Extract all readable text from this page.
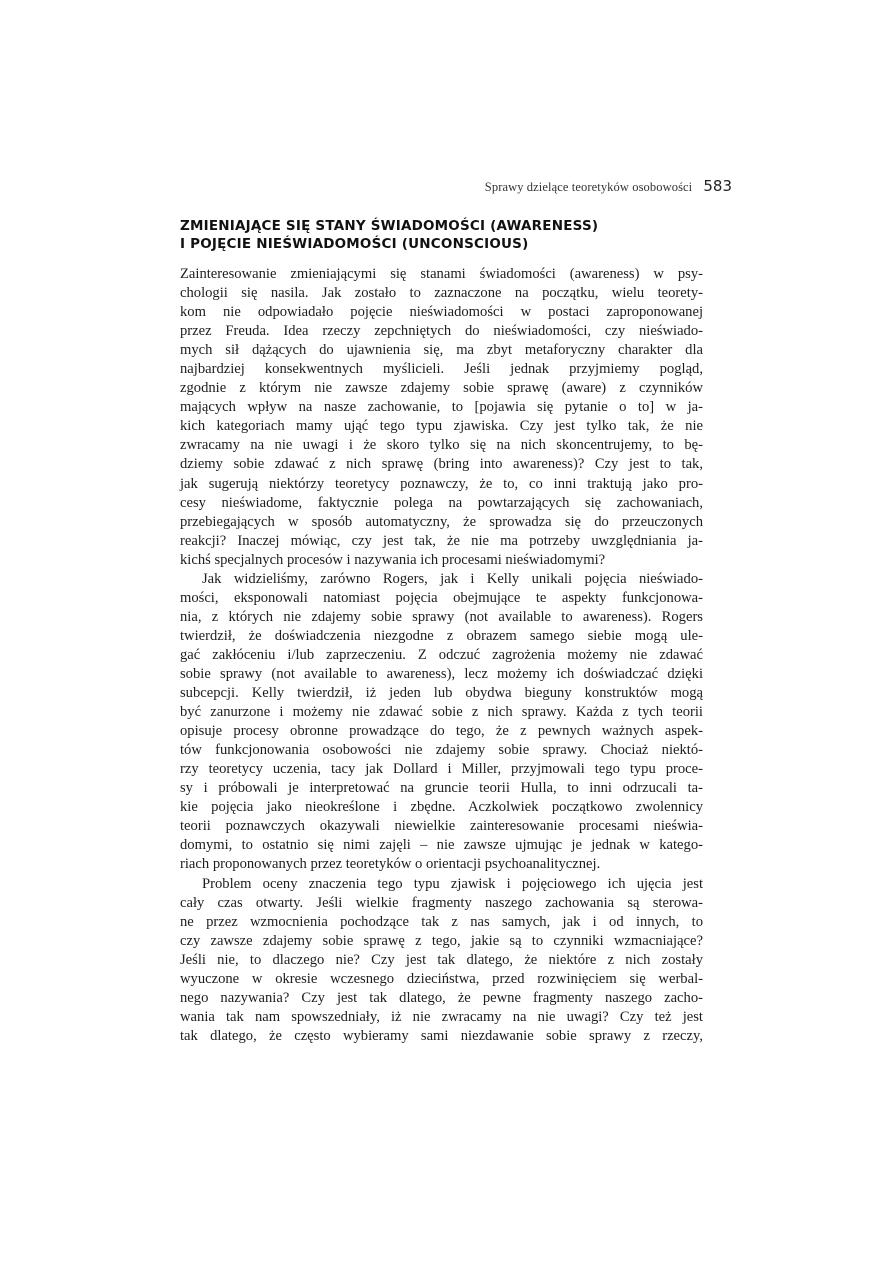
Sprawy dzielące teoretyków osobowości 583
ZMIENIAJĄCE SIĘ STANY ŚWIADOMOŚCI (AWARENESS)
I POJĘCIE NIEŚWIADOMOŚCI (UNCONSCIOUS)
Zainteresowanie zmieniającymi się stanami świadomości (awareness) w psy-
chologii się nasila. Jak zostało to zaznaczone na początku, wielu teorety-
kom nie odpowiadało pojęcie nieświadomości w postaci zaproponowanej
przez Freuda. Idea rzeczy zepchniętych do nieświadomości, czy nieświado-
mych sił dążących do ujawnienia się, ma zbyt metaforyczny charakter dla
najbardziej konsekwentnych myślicieli. Jeśli jednak przyjmiemy pogląd,
zgodnie z którym nie zawsze zdajemy sobie sprawę (aware) z czynników
mających wpływ na nasze zachowanie, to [pojawia się pytanie o to] w ja-
kich kategoriach mamy ująć tego typu zjawiska. Czy jest tylko tak, że nie
zwracamy na nie uwagi i że skoro tylko się na nich skoncentrujemy, to bę-
dziemy sobie zdawać z nich sprawę (bring into awareness)? Czy jest to tak,
jak sugerują niektórzy teoretycy poznawczy, że to, co inni traktują jako pro-
cesy nieświadome, faktycznie polega na powtarzających się zachowaniach,
przebiegających w sposób automatyczny, że sprowadza się do przeuczonych
reakcji? Inaczej mówiąc, czy jest tak, że nie ma potrzeby uwzględniania ja-
kichś specjalnych procesów i nazywania ich procesami nieświadomymi?
Jak widzieliśmy, zarówno Rogers, jak i Kelly unikali pojęcia nieświado-
mości, eksponowali natomiast pojęcia obejmujące te aspekty funkcjonowa-
nia, z których nie zdajemy sobie sprawy (not available to awareness). Rogers
twierdził, że doświadczenia niezgodne z obrazem samego siebie mogą ule-
gać zakłóceniu i/lub zaprzeczeniu. Z odczuć zagrożenia możemy nie zdawać
sobie sprawy (not available to awareness), lecz możemy ich doświadczać dzięki
subcepcji. Kelly twierdził, iż jeden lub obydwa bieguny konstruktów mogą
być zanurzone i możemy nie zdawać sobie z nich sprawy. Każda z tych teorii
opisuje procesy obronne prowadzące do tego, że z pewnych ważnych aspek-
tów funkcjonowania osobowości nie zdajemy sobie sprawy. Chociaż niektó-
rzy teoretycy uczenia, tacy jak Dollard i Miller, przyjmowali tego typu proce-
sy i próbowali je interpretować na gruncie teorii Hulla, to inni odrzucali ta-
kie pojęcia jako nieokreślone i zbędne. Aczkolwiek początkowo zwolennicy
teorii poznawczych okazywali niewielkie zainteresowanie procesami nieświa-
domymi, to ostatnio się nimi zajęli – nie zawsze ujmując je jednak w katego-
riach proponowanych przez teoretyków o orientacji psychoanalitycznej.
Problem oceny znaczenia tego typu zjawisk i pojęciowego ich ujęcia jest
cały czas otwarty. Jeśli wielkie fragmenty naszego zachowania są sterowa-
ne przez wzmocnienia pochodzące tak z nas samych, jak i od innych, to
czy zawsze zdajemy sobie sprawę z tego, jakie są to czynniki wzmacniające?
Jeśli nie, to dlaczego nie? Czy jest tak dlatego, że niektóre z nich zostały
wyuczone w okresie wczesnego dzieciństwa, przed rozwinięciem się werbal-
nego nazywania? Czy jest tak dlatego, że pewne fragmenty naszego zacho-
wania tak nam spowszedniały, iż nie zwracamy na nie uwagi? Czy też jest
tak dlatego, że często wybieramy sami niezdawanie sobie sprawy z rzeczy,
